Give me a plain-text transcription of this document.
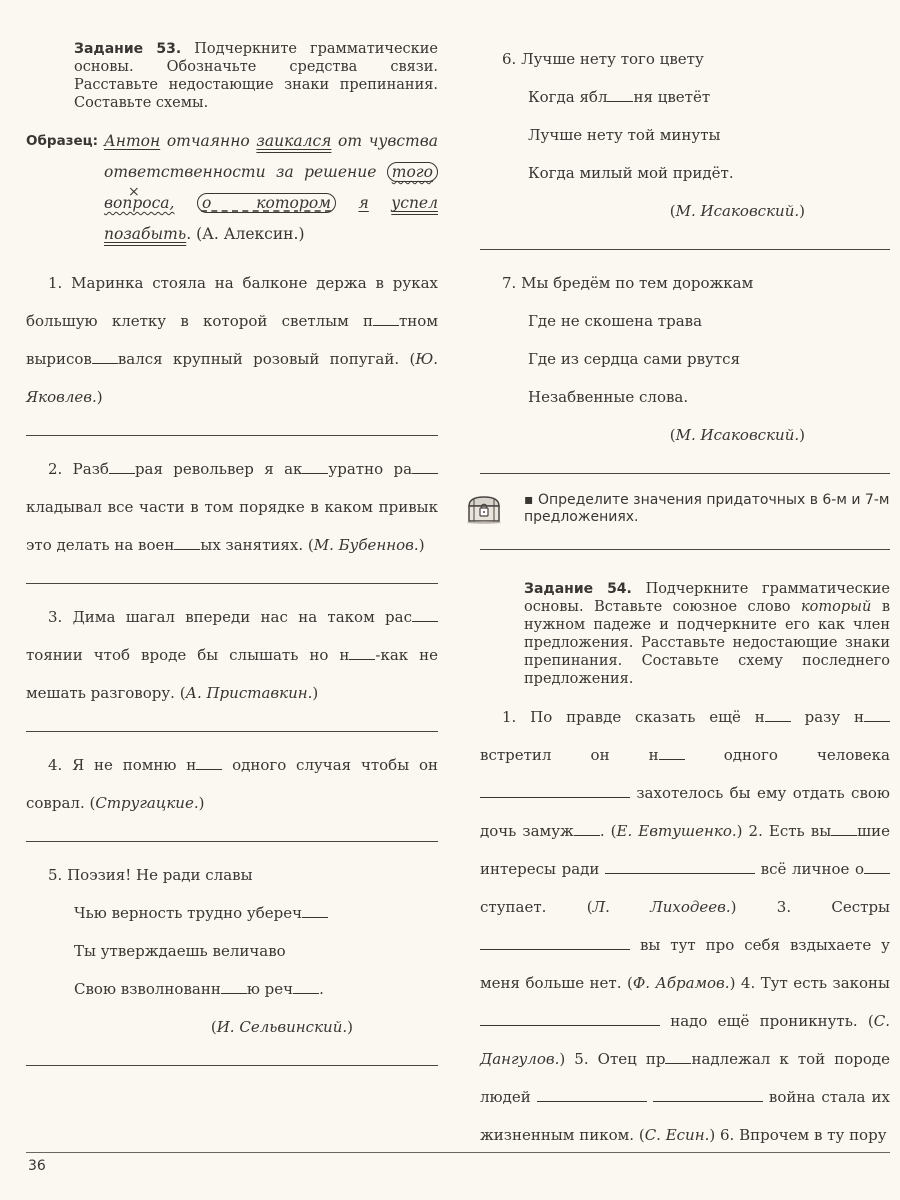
Задание 53. Подчеркните грамматические основы. Обозначьте средства связи. Расставьте недостающие знаки препинания. Составьте схемы.
Образец: Антон отчаянно заикался от чувства ответственности за решение того × вопроса, о  котором я успел позабыть. (А. Алексин.)

1. Маринка стояла на балконе держа в руках большую клетку в которой светлым п тном вырисов вался крупный розовый попугай. (Ю. Яковлев.)

2. Разб рая револьвер я ак уратно ракладывал все части в том порядке в каком привык это делать на воен ых занятиях. (М. Бубеннов.)

3. Дима шагал впереди нас на таком растоянии чтоб вроде бы слышать но н -как не мешать разговору. (А. Приставкин.)

4. Я не помню н одного случая чтобы он соврал. (Стругацкие.)

5. Поэзия! Не ради славы
Чью верность трудно убереч
Ты утверждаешь величаво
Свою взволнованн ю реч .
(И. Сельвинский.)
6. Лучше нету того цвету
Когда ябл ня цветёт
Лучше нету той минуты
Когда милый мой придёт.
(М. Исаковский.)
7. Мы бредём по тем дорожкам
Где не скошена трава
Где из сердца сами рвутся
Незабвенные слова.
(М. Исаковский.)
▪ Определите значения придаточных в 6-м и 7-м предложениях.
Задание 54. Подчеркните грамматические основы. Вставьте союзное слово который в нужном падеже и подчеркните его как член предложения. Расставьте недостающие знаки препинания. Составьте схему последнего предложения.

1. По правде сказать ещё н разу н встретил он н одного человека  захотелось бы ему отдать свою дочь замуж . (Е. Евтушенко.) 2. Есть вы шие интересы ради	всё личное оступает. (Л. Лиходеев.) 3. Сестры  вы тут про себя вздыхаете у меня больше нет. (Ф. Абрамов.) 4. Тут есть законы  надо ещё проникнуть. (С. Дангулов.) 5. Отец пр надлежал к той породе людей	война стала их жизненным пиком. (С. Есин.) 6. Впрочем в ту пору

36
